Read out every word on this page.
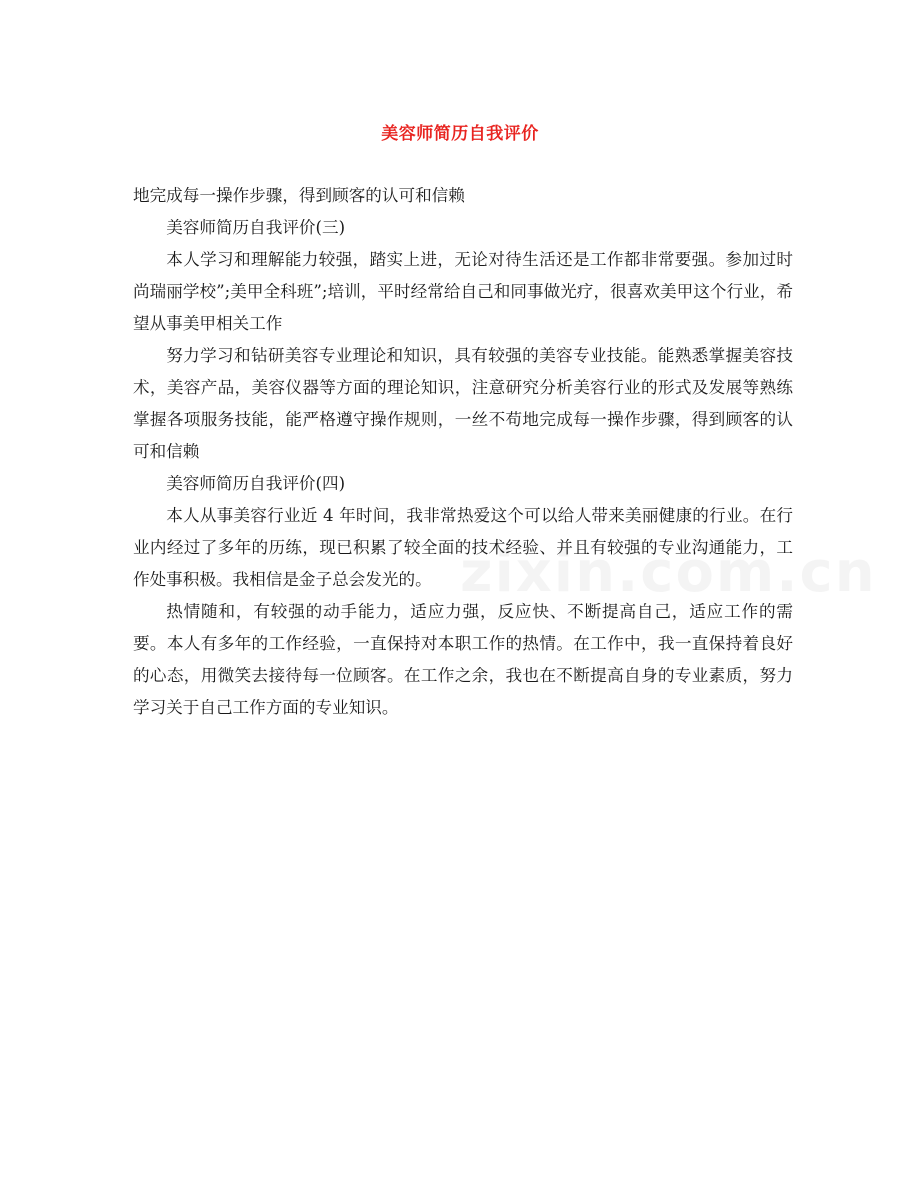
美容师简历自我评价

地完成每一操作步骤，得到顾客的认可和信赖

美容师简历自我评价(三)

本人学习和理解能力较强，踏实上进，无论对待生活还是工作都非常要强。参加过时尚瑞丽学校”;美甲全科班”;培训，平时经常给自己和同事做光疗，很喜欢美甲这个行业，希望从事美甲相关工作

努力学习和钻研美容专业理论和知识，具有较强的美容专业技能。能熟悉掌握美容技术，美容产品，美容仪器等方面的理论知识，注意研究分析美容行业的形式及发展等熟练掌握各项服务技能，能严格遵守操作规则，一丝不苟地完成每一操作步骤，得到顾客的认可和信赖

美容师简历自我评价(四)

本人从事美容行业近 4 年时间，我非常热爱这个可以给人带来美丽健康的行业。在行业内经过了多年的历练，现已积累了较全面的技术经验、并且有较强的专业沟通能力，工作处事积极。我相信是金子总会发光的。

热情随和，有较强的动手能力，适应力强，反应快、不断提高自己，适应工作的需要。本人有多年的工作经验，一直保持对本职工作的热情。在工作中，我一直保持着良好的心态，用微笑去接待每一位顾客。在工作之余，我也在不断提高自身的专业素质，努力学习关于自己工作方面的专业知识。
